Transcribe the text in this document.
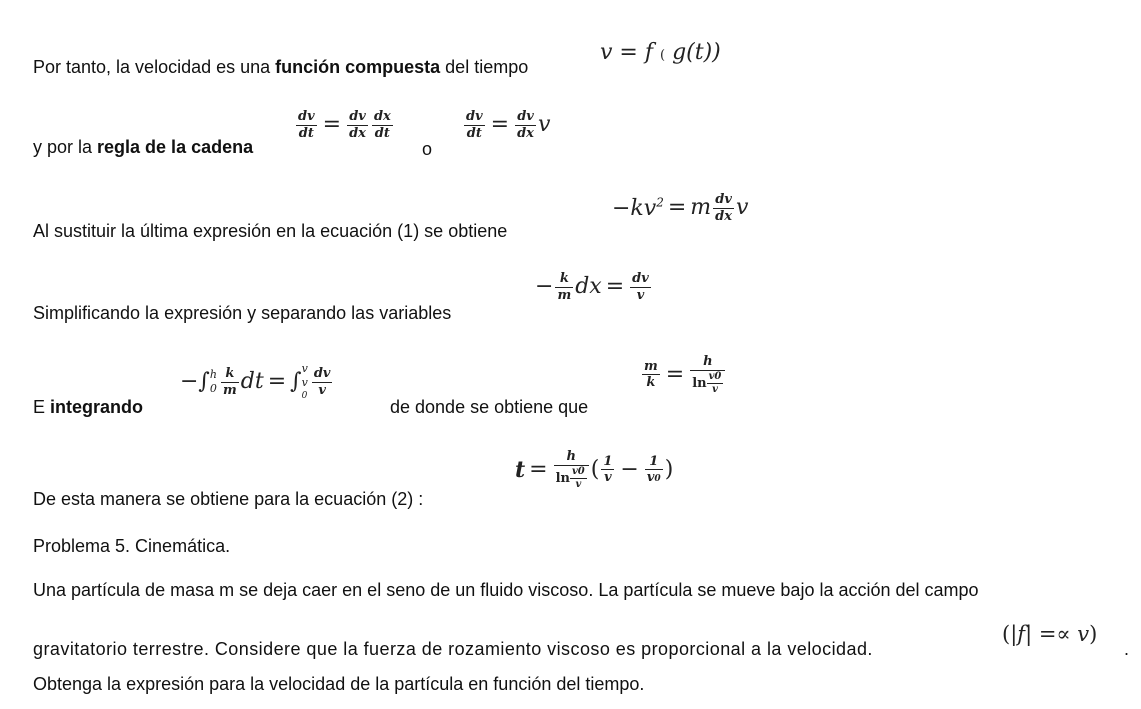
Por tanto, la velocidad es una función compuesta del tiempo
v = f ( g(t))
y por la regla de la cadena
$\frac{dv}{dt} = \frac{dv}{dx} \frac{dx}{dt}$
o
$\frac{dv}{dt} = \frac{dv}{dx}$ v
Al sustituir la última expresión en la ecuación (1) se obtiene
$-kv^2 = m \frac{dv}{dx}$ v
Simplificando la expresión y separando las variables
− $\frac{k}{m}$ dx = $\frac{dv}{v}$
E integrando
−∫ h
$0 \frac{k}{m}$ dt = ∫
v
v
$0 \frac{dv}{v}$
de donde se obtiene que
$\frac{m}{k} = \frac{h}{\ln \frac{v0}{v}}$
De esta manera se obtiene para la ecuación (2) :
$t = \frac{h}{\ln \frac{v0}{v}}$ ( $\frac{1}{v} - \frac{1}{v0}$ )
Problema 5. Cinemática.
Una partícula de masa m se deja caer en el seno de un fluido viscoso. La partícula se mueve bajo la acción del campo
gravitatorio terrestre. Considere que la fuerza de rozamiento viscoso es proporcional a la velocidad.
(|f| =∝ v)
.
Obtenga la expresión para la velocidad de la partícula en función del tiempo.
